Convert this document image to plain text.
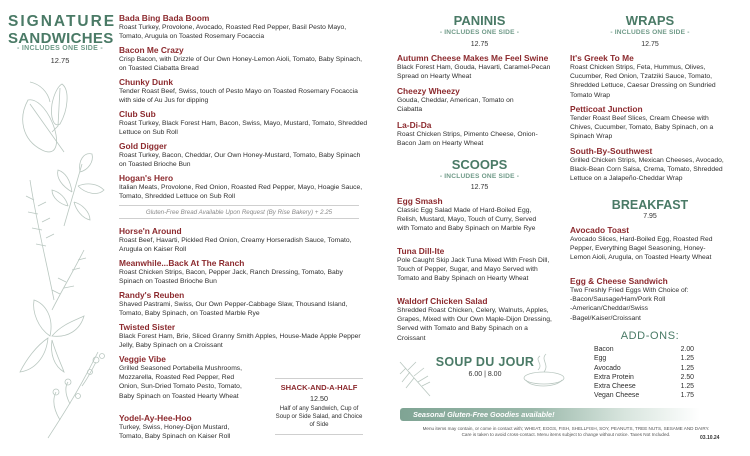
SIGNATURE
SANDWICHES
- INCLUDES ONE SIDE -
12.75
Bada Bing Bada Boom
Roast Turkey, Provolone, Avocado, Roasted Red Pepper, Basil Pesto Mayo, Tomato, Arugula on Toasted Rosemary Focaccia
Bacon Me Crazy
Crisp Bacon, with Drizzle of Our Own Honey-Lemon Aioli, Tomato, Baby Spinach, on Toasted Ciabatta Bread
Chunky Dunk
Tender Roast Beef, Swiss, touch of Pesto Mayo on Toasted Rosemary Focaccia with side of Au Jus for dipping
Club Sub
Roast Turkey, Black Forest Ham, Bacon, Swiss, Mayo, Mustard, Tomato, Shredded Lettuce on Sub Roll
Gold Digger
Roast Turkey, Bacon, Cheddar, Our Own Honey-Mustard, Tomato, Baby Spinach on Toasted Brioche Bun
Hogan's Hero
Italian Meats, Provolone, Red Onion, Roasted Red Pepper, Mayo, Hoagie Sauce, Tomato, Shredded Lettuce on Sub Roll
Gluten-Free Bread Available Upon Request (By Rise Bakery) + 2.25
Horse'n Around
Roast Beef, Havarti, Pickled Red Onion, Creamy Horseradish Sauce, Tomato, Arugula on Kaiser Roll
Meanwhile...Back At The Ranch
Roast Chicken Strips, Bacon, Pepper Jack, Ranch Dressing, Tomato, Baby Spinach on Toasted Brioche Bun
Randy's Reuben
Shaved Pastrami, Swiss, Our Own Pepper-Cabbage Slaw, Thousand Island, Tomato, Baby Spinach, on Toasted Marble Rye
Twisted Sister
Black Forest Ham, Brie, Sliced Granny Smith Apples, House-Made Apple Pepper Jelly, Baby Spinach on a Croissant
Veggie Vibe
Grilled Seasoned Portabella Mushrooms, Mozzarella, Roasted Red Pepper, Red Onion, Sun-Dried Tomato Pesto, Tomato, Baby Spinach on Toasted Hearty Wheat
Yodel-Ay-Hee-Hoo
Turkey, Swiss, Honey-Dijon Mustard, Tomato, Baby Spinach on Kaiser Roll
SHACK-AND-A-HALF
12.50
Half of any Sandwich, Cup of Soup or Side Salad, and Choice of Side
PANINIS
- INCLUDES ONE SIDE -
12.75
Autumn Cheese Makes Me Feel Swine
Black Forest Ham, Gouda, Havarti, Caramel-Pecan Spread on Hearty Wheat
Cheezy Wheezy
Gouda, Cheddar, American, Tomato on Ciabatta
La-Di-Da
Roast Chicken Strips, Pimento Cheese, Onion-Bacon Jam on Hearty Wheat
SCOOPS
- INCLUDES ONE SIDE -
12.75
Egg Smash
Classic Egg Salad Made of Hard-Boiled Egg, Relish, Mustard, Mayo, Touch of Curry, Served with Tomato and Baby Spinach on Marble Rye
Tuna Dill-Ite
Pole Caught Skip Jack Tuna Mixed With Fresh Dill, Touch of Pepper, Sugar, and Mayo Served with Tomato and Baby Spinach on Hearty Wheat
Waldorf Chicken Salad
Shredded Roast Chicken, Celery, Walnuts, Apples, Grapes, Mixed with Our Own Maple-Dijon Dressing, Served with Tomato and Baby Spinach on a Croissant
SOUP DU JOUR
6.00 | 8.00
WRAPS
- INCLUDES ONE SIDE -
12.75
It's Greek To Me
Roast Chicken Strips, Feta, Hummus, Olives, Cucumber, Red Onion, Tzatziki Sauce, Tomato, Shredded Lettuce, Caesar Dressing on Sundried Tomato Wrap
Petticoat Junction
Tender Roast Beef Slices, Cream Cheese with Chives, Cucumber, Tomato, Baby Spinach, on a Spinach Wrap
South-By-Southwest
Grilled Chicken Strips, Mexican Cheeses, Avocado, Black-Bean Corn Salsa, Crema, Tomato, Shredded Lettuce on a Jalapeño-Cheddar Wrap
BREAKFAST
7.95
Avocado Toast
Avocado Slices, Hard-Boiled Egg, Roasted Red Pepper, Everything Bagel Seasoning, Honey-Lemon Aioli, Arugula, on Toasted Hearty Wheat
Egg & Cheese Sandwich
Two Freshly Fried Eggs With Choice of:
-Bacon/Sausage/Ham/Pork Roll
-American/Cheddar/Swiss
-Bagel/Kaiser/Croissant
ADD-ONS:
Bacon	2.00
Egg	1.25
Avocado	1.25
Extra Protein	2.50
Extra Cheese	1.25
Vegan Cheese	1.75
Seasonal Gluten-Free Goodies available!
Menu items may contain, or come in contact with; WHEAT, EGGS, FISH, SHELLFISH, SOY, PEANUTS, TREE NUTS, SESAME AND DAIRY.
Care is taken to avoid cross-contact. Menu items subject to change without notice. Taxes Not Included.
03.10.24
